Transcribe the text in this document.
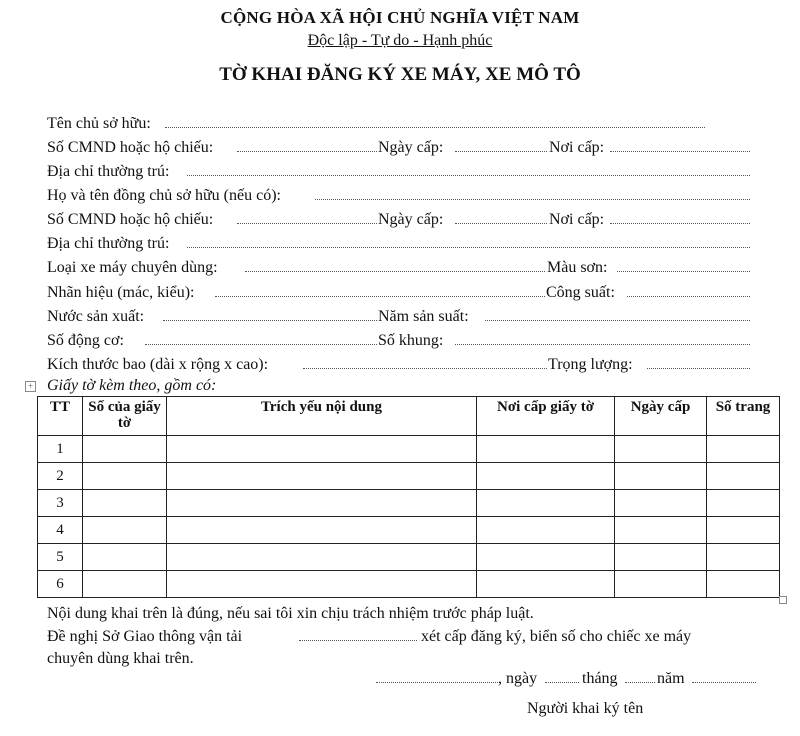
CỘNG HÒA XÃ HỘI CHỦ NGHĨA VIỆT NAM
Độc lập - Tự do - Hạnh phúc
TỜ KHAI ĐĂNG KÝ XE MÁY, XE MÔ TÔ
Tên chủ sở hữu:
Số CMND hoặc hộ chiếu:	Ngày cấp:	Nơi cấp:
Địa chỉ thường trú:
Họ và tên đồng chủ sở hữu (nếu có):
Số CMND hoặc hộ chiếu:	Ngày cấp:	Nơi cấp:
Địa chỉ thường trú:
Loại xe máy chuyên dùng:	Màu sơn:
Nhãn hiệu (mác, kiểu):	Công suất:
Nước sản xuất:	Năm sản suất:
Số động cơ:	Số khung:
Kích thước bao (dài x rộng x cao):	Trọng lượng:
+ Giấy tờ kèm theo, gồm có:
TT	Số của giấy tờ	Trích yếu nội dung	Nơi cấp giấy tờ	Ngày cấp	Số trang
1					
2					
3					
4					
5					
6					
Nội dung khai trên là đúng, nếu sai tôi xin chịu trách nhiệm trước pháp luật.
Đề nghị Sở Giao thông vận tải	xét cấp đăng ký, biển số cho chiếc xe máy
chuyên dùng khai trên.
, ngày	tháng năm
Người khai ký tên
